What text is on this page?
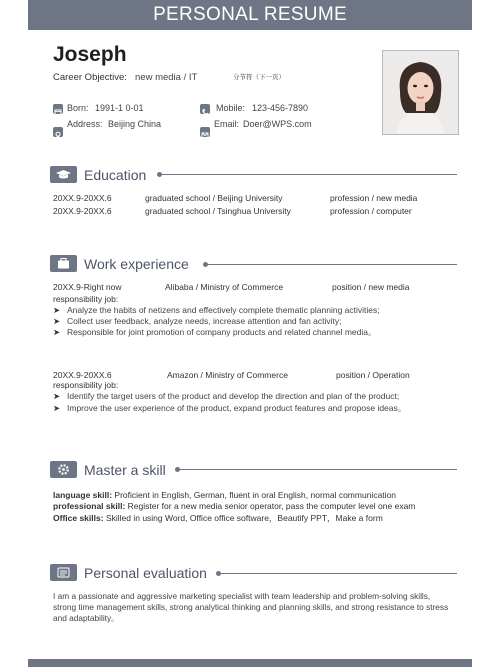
PERSONAL RESUME
Joseph
Career Objective: new media / IT	分节符（下一页）
Born: 1991-1 0-01	Mobile: 123-456-7890
Address: Beijing China	Email: Doer@WPS.com
Education
20XX.9-20XX.6	graduated school / Beijing University	profession / new media
20XX.9-20XX.6	graduated school / Tsinghua University	profession / computer
Work experience
20XX.9-Right now	Alibaba / Ministry of Commerce	position / new media
responsibility job:
➤ Analyze the habits of netizens and effectively complete thematic planning activities;
➤ Collect user feedback, analyze needs, increase attention and fan activity;
➤ Responsible for joint promotion of company products and related channel media。
20XX.9-20XX.6	Amazon / Ministry of Commerce	position / Operation
responsibility job:
➤ Identify the target users of the product and develop the direction and plan of the product;
➤ Improve the user experience of the product, expand product features and propose ideas。
Master a skill
language skill: Proficient in English, German, fluent in oral English, normal communication
professional skill: Register for a new media senior operator, pass the computer level one exam
Office skills: Skilled in using Word, Office office software，Beautify PPT，Make a form
Personal evaluation
I am a passionate and aggressive marketing specialist with team leadership and problem-solving skills, strong time management skills, strong analytical thinking and planning skills, and strong resistance to stress and adaptability。
